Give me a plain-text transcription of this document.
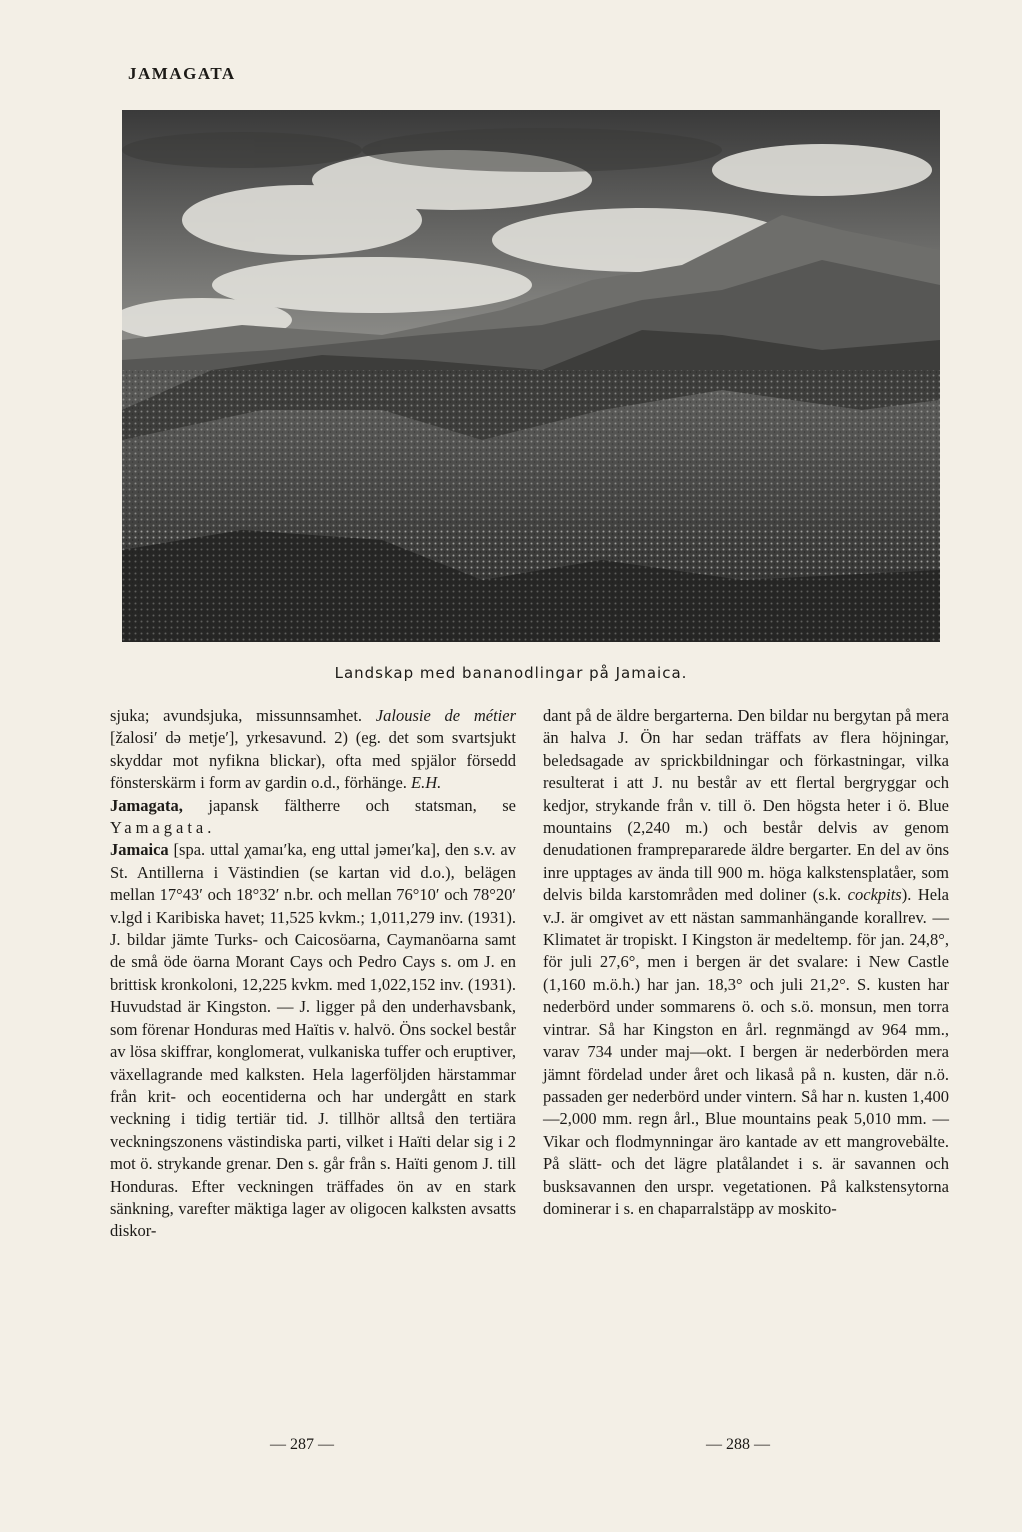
JAMAGATA
Landskap med bananodlingar på Jamaica.

sjuka; avundsjuka, missunnsamhet. Jalousie de métier [žalosi′ də metje′], yrkesavund. 2) (eg. det som svartsjukt skyddar mot nyfikna blickar), ofta med spjälor försedd fönsterskärm i form av gardin o.d., förhänge. E.H.

Jamagata, japansk fältherre och statsman, se Yamagata.

Jamaica [spa. uttal χamaı′ka, eng uttal jəmeı′ka], den s.v. av St. Antillerna i Västindien (se kartan vid d.o.), belägen mellan 17°43′ och 18°32′ n.br. och mellan 76°10′ och 78°20′ v.lgd i Karibiska havet; 11,525 kvkm.; 1,011,279 inv. (1931). J. bildar jämte Turks- och Caicosöarna, Caymanöarna samt de små öde öarna Morant Cays och Pedro Cays s. om J. en brittisk kronkoloni, 12,225 kvkm. med 1,022,152 inv. (1931). Huvudstad är Kingston. — J. ligger på den underhavsbank, som förenar Honduras med Haïtis v. halvö. Öns sockel består av lösa skiffrar, konglomerat, vulkaniska tuffer och eruptiver, växellagrande med kalksten. Hela lagerföljden härstammar från krit- och eocentiderna och har undergått en stark veckning i tidig tertiär tid. J. tillhör alltså den tertiära veckningszonens västindiska parti, vilket i Haïti delar sig i 2 mot ö. strykande grenar. Den s. går från s. Haïti genom J. till Honduras. Efter veckningen träffades ön av en stark sänkning, varefter mäktiga lager av oligocen kalksten avsatts diskor-

dant på de äldre bergarterna. Den bildar nu bergytan på mera än halva J. Ön har sedan träffats av flera höjningar, beledsagade av sprickbildningar och förkastningar, vilka resulterat i att J. nu består av ett flertal bergryggar och kedjor, strykande från v. till ö. Den högsta heter i ö. Blue mountains (2,240 m.) och består delvis av genom denudationen framprepararede äldre bergarter. En del av öns inre upptages av ända till 900 m. höga kalkstensplatåer, som delvis bilda karstområden med doliner (s.k. cockpits). Hela v.J. är omgivet av ett nästan sammanhängande korallrev. — Klimatet är tropiskt. I Kingston är medeltemp. för jan. 24,8°, för juli 27,6°, men i bergen är det svalare: i New Castle (1,160 m.ö.h.) har jan. 18,3° och juli 21,2°. S. kusten har nederbörd under sommarens ö. och s.ö. monsun, men torra vintrar. Så har Kingston en årl. regnmängd av 964 mm., varav 734 under maj—okt. I bergen är nederbörden mera jämnt fördelad under året och likaså på n. kusten, där n.ö. passaden ger nederbörd under vintern. Så har n. kusten 1,400—2,000 mm. regn årl., Blue mountains peak 5,010 mm. — Vikar och flodmynningar äro kantade av ett mangrovebälte. På slätt- och det lägre platålandet i s. är savannen och busksavannen den urspr. vegetationen. På kalkstensytorna dominerar i s. en chaparralstäpp av moskito-

— 287 —	— 288 —
